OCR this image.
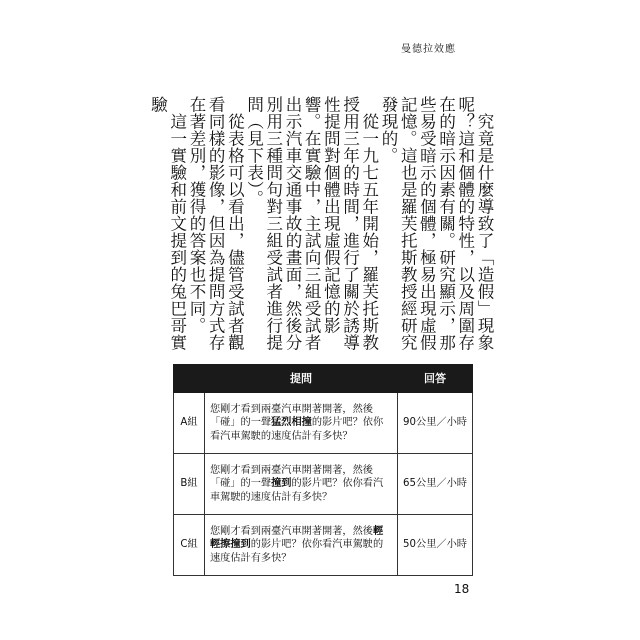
曼德拉效應

究竟是什麼導致了「造假」現象呢？這和個體的特性，以及周圍存在的暗示因素有關。研究顯示，那些易受暗示的個體，極易出現虛假記憶。這也是羅芙托斯教授經研究發現的。

從一九七五年開始，羅芙托斯教授用三年的時間，進行了關於誘導性提問對個體出現虛假記憶的影響。在實驗中，主試向三組受試者出示汽車交通事故的畫面，然後分別用三種問句對三組受試者進行提問（見下表）。

從表格可以看出，儘管受試者觀看同樣的影像，但因為提問方式存在著差別，獲得的答案也不同。

這一實驗和前文提到的兔巴哥實驗

	提問	回答
A組	您剛才看到兩臺汽車開著開著，然後「碰」的一聲猛烈相撞的影片吧？依你看汽車駕駛的速度估計有多快？	90公里／小時
B組	您剛才看到兩臺汽車開著開著，然後「碰」的一聲撞到的影片吧？依你看汽車駕駛的速度估計有多快？	65公里／小時
C組	您剛才看到兩臺汽車開著開著，然後輕輕擦撞到的影片吧？依你看汽車駕駛的速度估計有多快？	50公里／小時
18
